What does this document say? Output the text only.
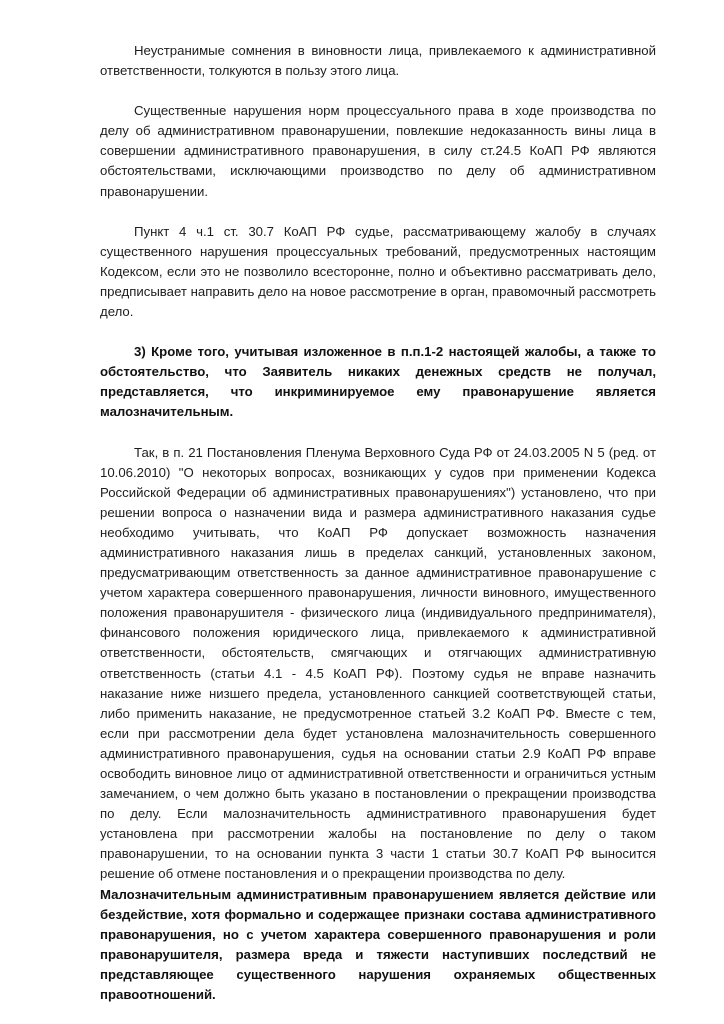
Неустранимые сомнения в виновности лица, привлекаемого к административной ответственности, толкуются в пользу этого лица.

Существенные нарушения норм процессуального права в ходе производства по делу об административном правонарушении, повлекшие недоказанность вины лица в совершении административного правонарушения, в силу ст.24.5 КоАП РФ являются обстоятельствами, исключающими производство по делу об административном правонарушении.

Пункт 4 ч.1 ст. 30.7 КоАП РФ судье, рассматривающему жалобу в случаях существенного нарушения процессуальных требований, предусмотренных настоящим Кодексом, если это не позволило всесторонне, полно и объективно рассматривать дело, предписывает направить дело на новое рассмотрение в орган, правомочный рассмотреть дело.

3) Кроме того, учитывая изложенное в п.п.1-2 настоящей жалобы, а также то обстоятельство, что Заявитель никаких денежных средств не получал, представляется, что инкриминируемое ему правонарушение является малозначительным.

Так, в п. 21 Постановления Пленума Верховного Суда РФ от 24.03.2005 N 5 (ред. от 10.06.2010) "О некоторых вопросах, возникающих у судов при применении Кодекса Российской Федерации об административных правонарушениях") установлено, что при решении вопроса о назначении вида и размера административного наказания судье необходимо учитывать, что КоАП РФ допускает возможность назначения административного наказания лишь в пределах санкций, установленных законом, предусматривающим ответственность за данное административное правонарушение с учетом характера совершенного правонарушения, личности виновного, имущественного положения правонарушителя - физического лица (индивидуального предпринимателя), финансового положения юридического лица, привлекаемого к административной ответственности, обстоятельств, смягчающих и отягчающих административную ответственность (статьи 4.1 - 4.5 КоАП РФ). Поэтому судья не вправе назначить наказание ниже низшего предела, установленного санкцией соответствующей статьи, либо применить наказание, не предусмотренное статьей 3.2 КоАП РФ. Вместе с тем, если при рассмотрении дела будет установлена малозначительность совершенного административного правонарушения, судья на основании статьи 2.9 КоАП РФ вправе освободить виновное лицо от административной ответственности и ограничиться устным замечанием, о чем должно быть указано в постановлении о прекращении производства по делу. Если малозначительность административного правонарушения будет установлена при рассмотрении жалобы на постановление по делу о таком правонарушении, то на основании пункта 3 части 1 статьи 30.7 КоАП РФ выносится решение об отмене постановления и о прекращении производства по делу.

Малозначительным административным правонарушением является действие или бездействие, хотя формально и содержащее признаки состава административного правонарушения, но с учетом характера совершенного правонарушения и роли правонарушителя, размера вреда и тяжести наступивших последствий не представляющее существенного нарушения охраняемых общественных правоотношений.
